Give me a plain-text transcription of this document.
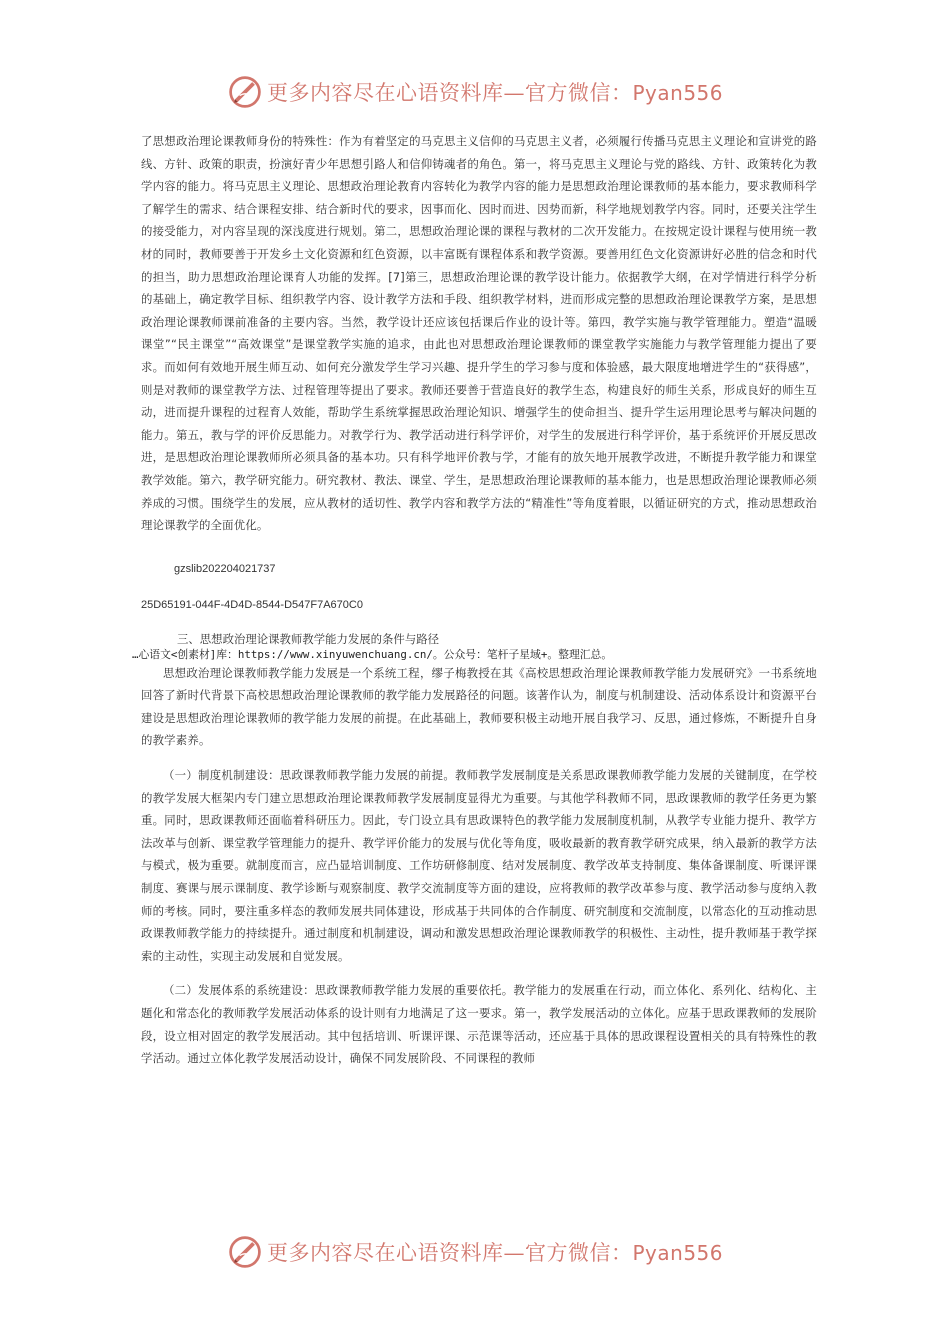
更多内容尽在心语资料库—官方微信：Pyan556

了思想政治理论课教师身份的特殊性：作为有着坚定的马克思主义信仰的马克思主义者，必须履行传播马克思主义理论和宣讲党的路线、方针、政策的职责，扮演好青少年思想引路人和信仰铸魂者的角色。第一，将马克思主义理论与党的路线、方针、政策转化为教学内容的能力。将马克思主义理论、思想政治理论教育内容转化为教学内容的能力是思想政治理论课教师的基本能力，要求教师科学了解学生的需求、结合课程安排、结合新时代的要求，因事而化、因时而进、因势而新，科学地规划教学内容。同时，还要关注学生的接受能力，对内容呈现的深浅度进行规划。第二，思想政治理论课的课程与教材的二次开发能力。在按规定设计课程与使用统一教材的同时，教师要善于开发乡土文化资源和红色资源，以丰富既有课程体系和教学资源。要善用红色文化资源讲好必胜的信念和时代的担当，助力思想政治理论课育人功能的发挥。[7]第三，思想政治理论课的教学设计能力。依据教学大纲，在对学情进行科学分析的基础上，确定教学目标、组织教学内容、设计教学方法和手段、组织教学材料，进而形成完整的思想政治理论课教学方案，是思想政治理论课教师课前准备的主要内容。当然，教学设计还应该包括课后作业的设计等。第四，教学实施与教学管理能力。塑造“温暖课堂”“民主课堂”“高效课堂”是课堂教学实施的追求，由此也对思想政治理论课教师的课堂教学实施能力与教学管理能力提出了要求。而如何有效地开展生师互动、如何充分激发学生学习兴趣、提升学生的学习参与度和体验感，最大限度地增进学生的“获得感”，则是对教师的课堂教学方法、过程管理等提出了要求。教师还要善于营造良好的教学生态，构建良好的师生关系，形成良好的师生互动，进而提升课程的过程育人效能，帮助学生系统掌握思政治理论知识、增强学生的使命担当、提升学生运用理论思考与解决问题的能力。第五，教与学的评价反思能力。对教学行为、教学活动进行科学评价，对学生的发展进行科学评价，基于系统评价开展反思改进，是思想政治理论课教师所必须具备的基本功。只有科学地评价教与学，才能有的放矢地开展教学改进，不断提升教学能力和课堂教学效能。第六，教学研究能力。研究教材、教法、课堂、学生，是思想政治理论课教师的基本能力，也是思想政治理论课教师必须养成的习惯。围绕学生的发展，应从教材的适切性、教学内容和教学方法的“精准性”等角度着眼，以循证研究的方式，推动思想政治理论课教学的全面优化。

gzslib202204021737

25D65191-044F-4D4D-8544-D547F7A670C0

三、思想政治理论课教师教学能力发展的条件与路径

…心语文<创素材]库：https://www.xinyuwenchuang.cn/。公众号：笔杆子星域+。整理汇总。

思想政治理论课教师教学能力发展是一个系统工程，缪子梅教授在其《高校思想政治理论课教师教学能力发展研究》一书系统地回答了新时代背景下高校思想政治理论课教师的教学能力发展路径的问题。该著作认为，制度与机制建设、活动体系设计和资源平台建设是思想政治理论课教师的教学能力发展的前提。在此基础上，教师要积极主动地开展自我学习、反思，通过修炼，不断提升自身的教学素养。

（一）制度机制建设：思政课教师教学能力发展的前提。教师教学发展制度是关系思政课教师教学能力发展的关键制度，在学校的教学发展大框架内专门建立思想政治理论课教师教学发展制度显得尤为重要。与其他学科教师不同，思政课教师的教学任务更为繁重。同时，思政课教师还面临着科研压力。因此，专门设立具有思政课特色的教学能力发展制度机制，从教学专业能力提升、教学方法改革与创新、课堂教学管理能力的提升、教学评价能力的发展与优化等角度，吸收最新的教育教学研究成果，纳入最新的教学方法与模式，极为重要。就制度而言，应凸显培训制度、工作坊研修制度、结对发展制度、教学改革支持制度、集体备课制度、听课评课制度、赛课与展示课制度、教学诊断与观察制度、教学交流制度等方面的建设，应将教师的教学改革参与度、教学活动参与度纳入教师的考核。同时，要注重多样态的教师发展共同体建设，形成基于共同体的合作制度、研究制度和交流制度，以常态化的互动推动思政课教师教学能力的持续提升。通过制度和机制建设，调动和激发思想政治理论课教师教学的积极性、主动性，提升教师基于教学探索的主动性，实现主动发展和自觉发展。

（二）发展体系的系统建设：思政课教师教学能力发展的重要依托。教学能力的发展重在行动，而立体化、系列化、结构化、主题化和常态化的教师教学发展活动体系的设计则有力地满足了这一要求。第一，教学发展活动的立体化。应基于思政课教师的发展阶段，设立相对固定的教学发展活动。其中包括培训、听课评课、示范课等活动，还应基于具体的思政课程设置相关的具有特殊性的教学活动。通过立体化教学发展活动设计，确保不同发展阶段、不同课程的教师

更多内容尽在心语资料库—官方微信：Pyan556
